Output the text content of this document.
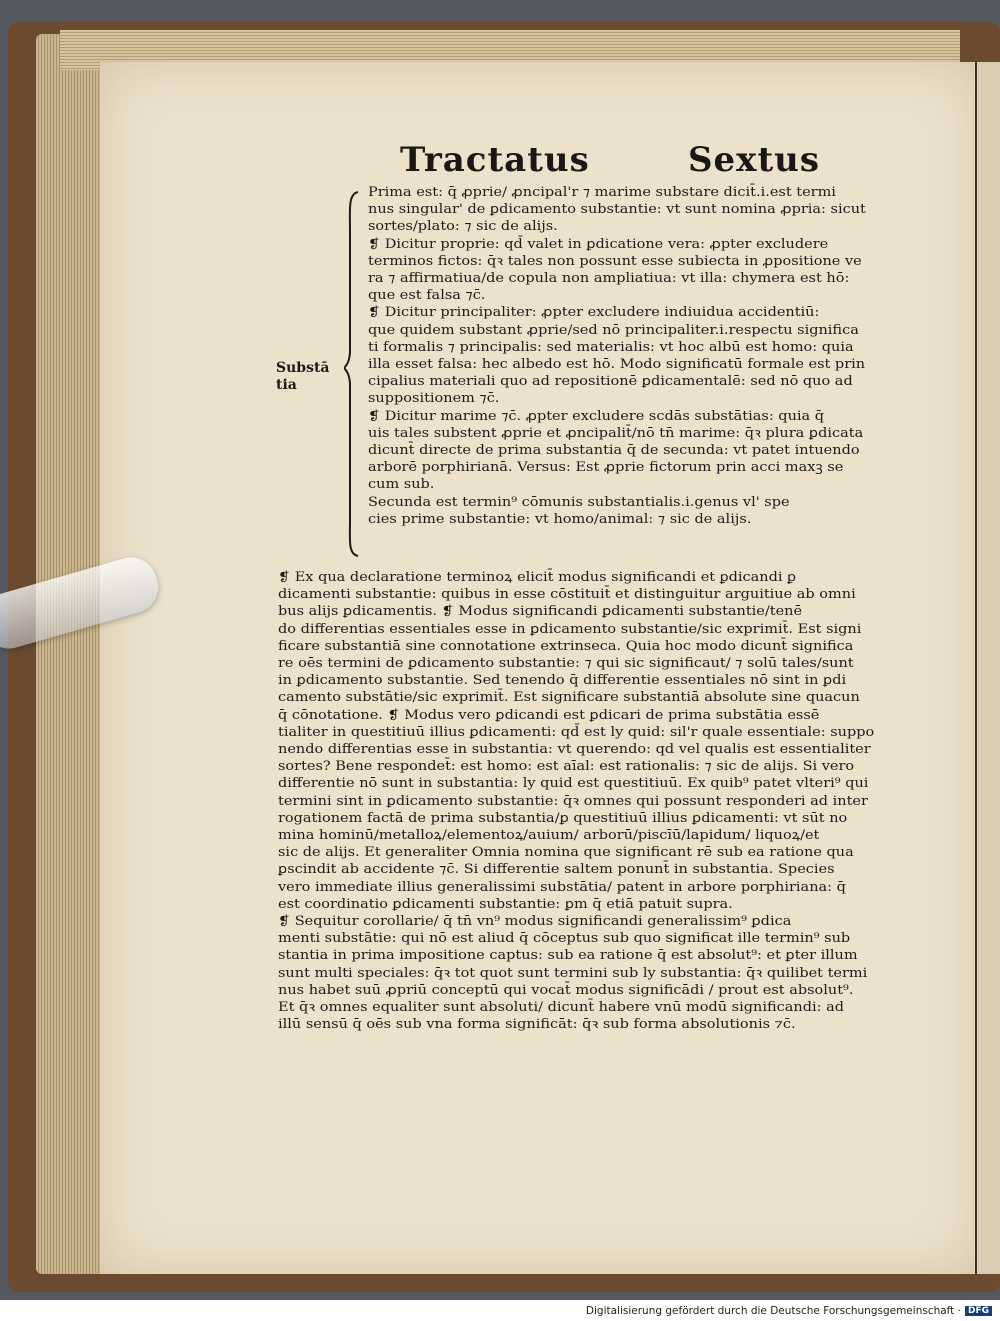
Tractatus	Sextus
Substā
tia
Prima est: q̄ ꝓprie/ ꝓncipal'r ⁊ marime substare dicit̄.i.est termi
nus singular' de ꝑdicamento substantie: vt sunt nomina ꝓpria: sicut
sortes/plato: ⁊ sic de alijs.
❡ Dicitur proprie: qd̄ valet in ꝑdicatione vera: ꝓpter excludere
terminos fictos: q̄ꝛ tales non possunt esse subiecta in ꝓpositione ve
ra ⁊ affirmatiua/de copula non ampliatiua: vt illa: chymera est hō:
que est falsa ⁊c̄.
❡ Dicitur principaliter: ꝓpter excludere indiuidua accidentiū:
que quidem substant ꝓprie/sed nō principaliter.i.respectu significa
ti formalis ⁊ principalis: sed materialis: vt hoc albū est homo: quia
illa esset falsa: hec albedo est hō. Modo significatū formale est prin
cipalius materiali quo ad repositionē ꝑdicamentalē: sed nō quo ad
suppositionem ⁊c̄.
❡ Dicitur marime ⁊c̄. ꝓpter excludere scdās substātias: quia q̄
uis tales substent ꝓprie et ꝓncipalit̄/nō tn̄ marime: q̄ꝛ plura ꝑdicata
dicunt̄ directe de prima substantia q̄ de secunda: vt patet intuendo
arborē porphirianā. Versus: Est ꝓprie fictorum prin acci maxꝫ se
cum sub.
Secunda est termin⁹ cōmunis substantialis.i.genus vl' spe
cies prime substantie: vt homo/animal: ⁊ sic de alijs.
❡ Ex qua declaratione terminoꝝ elicit̄ modus significandi et ꝑdicandi ꝑ
dicamenti substantie: quibus in esse cōstituit̄ et distinguitur arguitiue ab omni
bus alijs ꝑdicamentis. ❡ Modus significandi ꝑdicamenti substantie/tenē
do differentias essentiales esse in ꝑdicamento substantie/sic exprimit̄. Est signi
ficare substantiā sine connotatione extrinseca. Quia hoc modo dicunt̄ significa
re oēs termini de ꝑdicamento substantie: ⁊ qui sic significaut/ ⁊ solū tales/sunt
in ꝑdicamento substantie. Sed tenendo q̄ differentie essentiales nō sint in ꝑdi
camento substātie/sic exprimit̄. Est significare substantiā absolute sine quacun
q̄ cōnotatione. ❡ Modus vero ꝑdicandi est ꝑdicari de prima substātia essē
tialiter in questitiuū illius ꝑdicamenti: qd̄ est ly quid: sil'r quale essentiale: suppo
nendo differentias esse in substantia: vt querendo: qd vel qualis est essentialiter
sortes? Bene respondet̄: est homo: est aīal: est rationalis: ⁊ sic de alijs. Si vero
differentie nō sunt in substantia: ly quid est questitiuū. Ex quib⁹ patet vlteri⁹ qui
termini sint in ꝑdicamento substantie: q̄ꝛ omnes qui possunt responderi ad inter
rogationem factā de prima substantia/ꝑ questitiuū illius ꝑdicamenti: vt sūt no
mina hominū/metalloꝝ/elementoꝝ/auium/ arborū/piscīū/lapidum/ liquoꝝ/et
sic de alijs. Et generaliter Omnia nomina que significant rē sub ea ratione qua
ꝑscindit ab accidente ⁊c̄. Si differentie saltem ponunt̄ in substantia. Species
vero immediate illius generalissimi substātia/ patent in arbore porphiriana: q̄
est coordinatio ꝑdicamenti substantie: ꝑm q̄ etiā patuit supra.
❡ Sequitur corollarie/ q̄ tn̄ vn⁹ modus significandi generalissim⁹ ꝑdica
menti substātie: qui nō est aliud q̄ cōceptus sub quo significat ille termin⁹ sub
stantia in prima impositione captus: sub ea ratione q̄ est absolut⁹: et ꝑter illum
sunt multi speciales: q̄ꝛ tot quot sunt termini sub ly substantia: q̄ꝛ quilibet termi
nus habet suū ꝓpriū conceptū qui vocat̄ modus significādi / prout est absolut⁹.
Et q̄ꝛ omnes equaliter sunt absoluti/ dicunt̄ habere vnū modū significandi: ad
illū sensū q̄ oēs sub vna forma significāt: q̄ꝛ sub forma absolutionis ⁊c̄.
Digitalisierung gefördert durch die Deutsche Forschungsgemeinschaft · DFG
